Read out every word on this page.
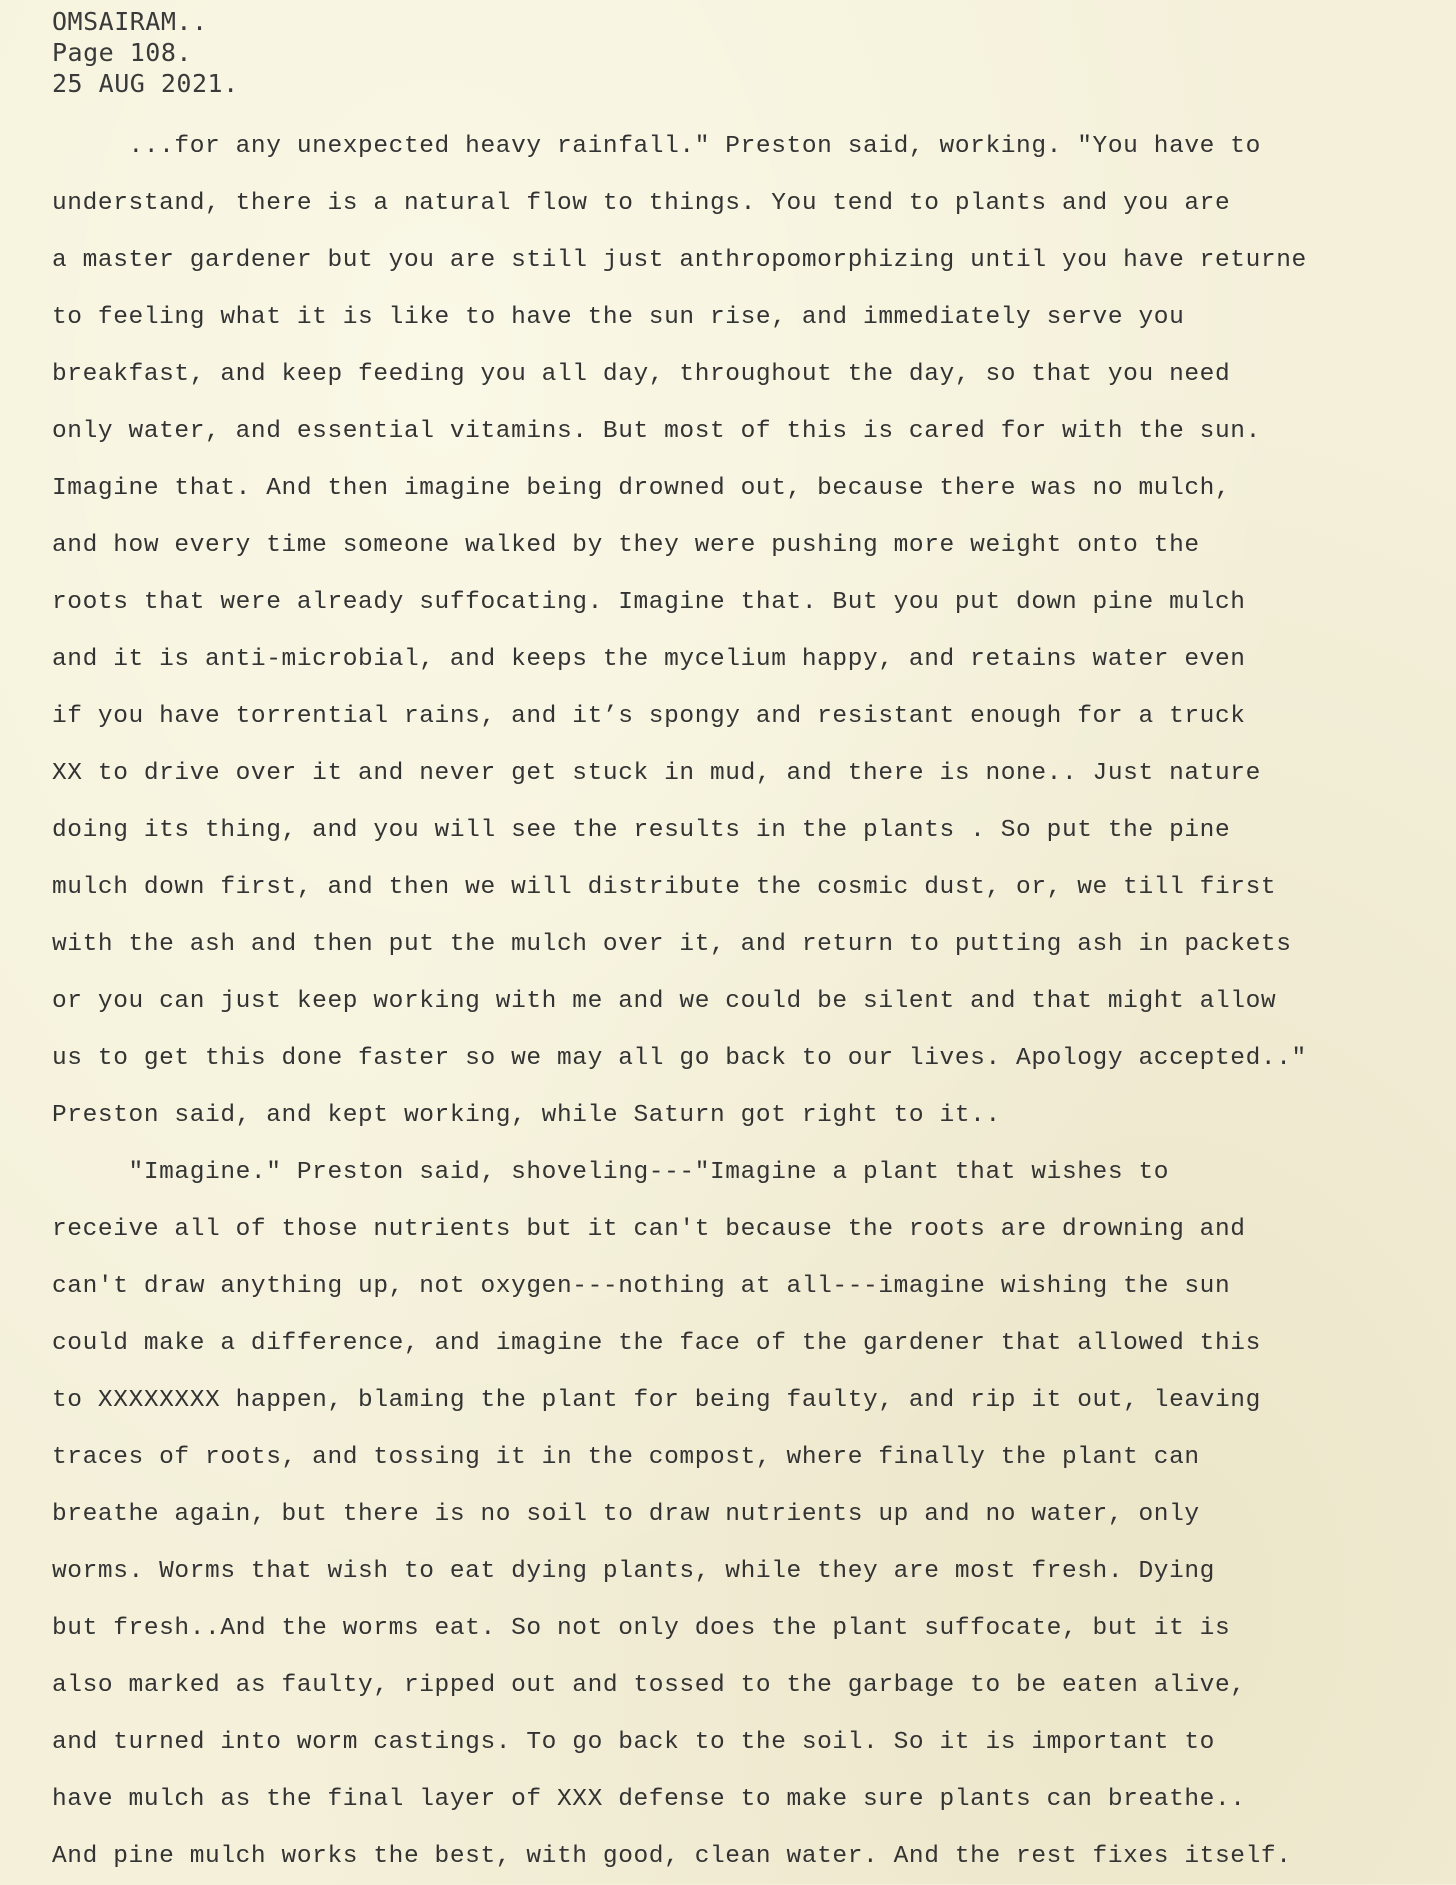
OMSAIRAM..
Page 108.
25 AUG 2021.
...for any unexpected heavy rainfall." Preston said, working. "You have to
understand, there is a natural flow to things. You tend to plants and you are
a master gardener but you are still just anthropomorphizing until you have returne
to feeling what it is like to have the sun rise, and immediately serve you
breakfast, and keep feeding you all day, throughout the day, so that you need
only water, and essential vitamins. But most of this is cared for with the sun.
Imagine that. And then imagine being drowned out, because there was no mulch,
and how every time someone walked by they were pushing more weight onto the
roots that were already suffocating. Imagine that. But you put down pine mulch
and it is anti-microbial, and keeps the mycelium happy, and retains water even
if you have torrential rains, and it’s spongy and resistant enough for a truck
XX to drive over it and never get stuck in mud, and there is none.. Just nature
doing its thing, and you will see the results in the plants . So put the pine
mulch down first, and then we will distribute the cosmic dust, or, we till first
with the ash and then put the mulch over it, and return to putting ash in packets
or you can just keep working with me and we could be silent and that might allow
us to get this done faster so we may all go back to our lives. Apology accepted.."
Preston said, and kept working, while Saturn got right to it..
"Imagine." Preston said, shoveling---"Imagine a plant that wishes to
receive all of those nutrients but it can't because the roots are drowning and
can't draw anything up, not oxygen---nothing at all---imagine wishing the sun
could make a difference, and imagine the face of the gardener that allowed this
to XXXXXXXX happen, blaming the plant for being faulty, and rip it out, leaving
traces of roots, and tossing it in the compost, where finally the plant can
breathe again, but there is no soil to draw nutrients up and no water, only
worms. Worms that wish to eat dying plants, while they are most fresh. Dying
but fresh..And the worms eat. So not only does the plant suffocate, but it is
also marked as faulty, ripped out and tossed to the garbage to be eaten alive,
and turned into worm castings. To go back to the soil. So it is important to
have mulch as the final layer of XXX defense to make sure plants can breathe..
And pine mulch works the best, with good, clean water. And the rest fixes itself.
